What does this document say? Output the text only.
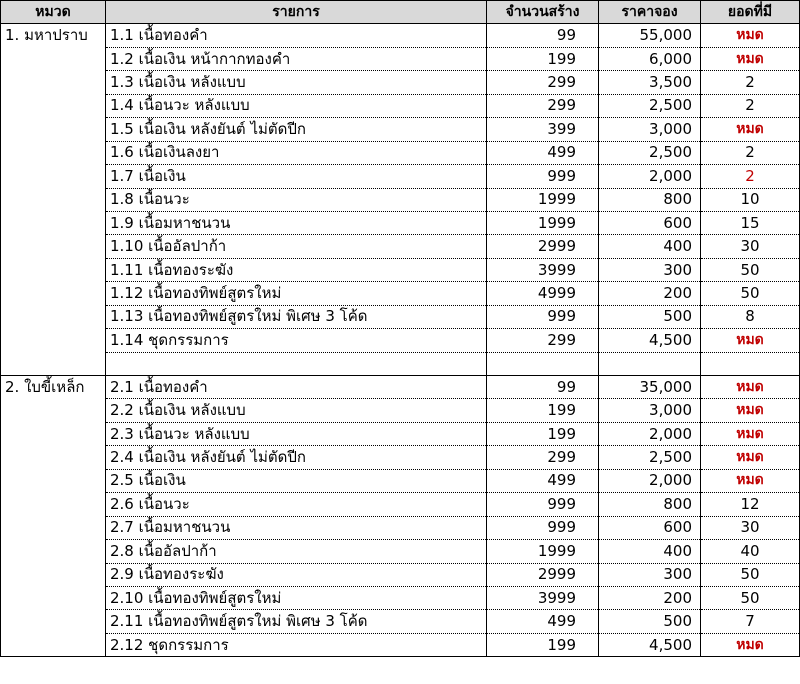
หมวด	รายการ	จำนวนสร้าง	ราคาจอง	ยอดที่มี
1. มหาปราบ	1.1 เนื้อทองคำ	99	55,000	หมด
	1.2 เนื้อเงิน หน้ากากทองคำ	199	6,000	หมด
	1.3 เนื้อเงิน หลังแบบ	299	3,500	2
	1.4 เนื้อนวะ หลังแบบ	299	2,500	2
	1.5 เนื้อเงิน หลังยันต์ ไม่ตัดปีก	399	3,000	หมด
	1.6 เนื้อเงินลงยา	499	2,500	2
	1.7 เนื้อเงิน	999	2,000	2
	1.8 เนื้อนวะ	1999	800	10
	1.9 เนื้อมหาชนวน	1999	600	15
	1.10 เนื้ออัลปาก้า	2999	400	30
	1.11 เนื้อทองระฆัง	3999	300	50
	1.12 เนื้อทองทิพย์สูตรใหม่	4999	200	50
	1.13 เนื้อทองทิพย์สูตรใหม่ พิเศษ 3 โค้ด	999	500	8
	1.14 ชุดกรรมการ	299	4,500	หมด

2. ใบขี้เหล็ก	2.1 เนื้อทองคำ	99	35,000	หมด
	2.2 เนื้อเงิน หลังแบบ	199	3,000	หมด
	2.3 เนื้อนวะ หลังแบบ	199	2,000	หมด
	2.4 เนื้อเงิน หลังยันต์ ไม่ตัดปีก	299	2,500	หมด
	2.5 เนื้อเงิน	499	2,000	หมด
	2.6 เนื้อนวะ	999	800	12
	2.7 เนื้อมหาชนวน	999	600	30
	2.8 เนื้ออัลปาก้า	1999	400	40
	2.9 เนื้อทองระฆัง	2999	300	50
	2.10 เนื้อทองทิพย์สูตรใหม่	3999	200	50
	2.11 เนื้อทองทิพย์สูตรใหม่ พิเศษ 3 โค้ด	499	500	7
	2.12 ชุดกรรมการ	199	4,500	หมด
